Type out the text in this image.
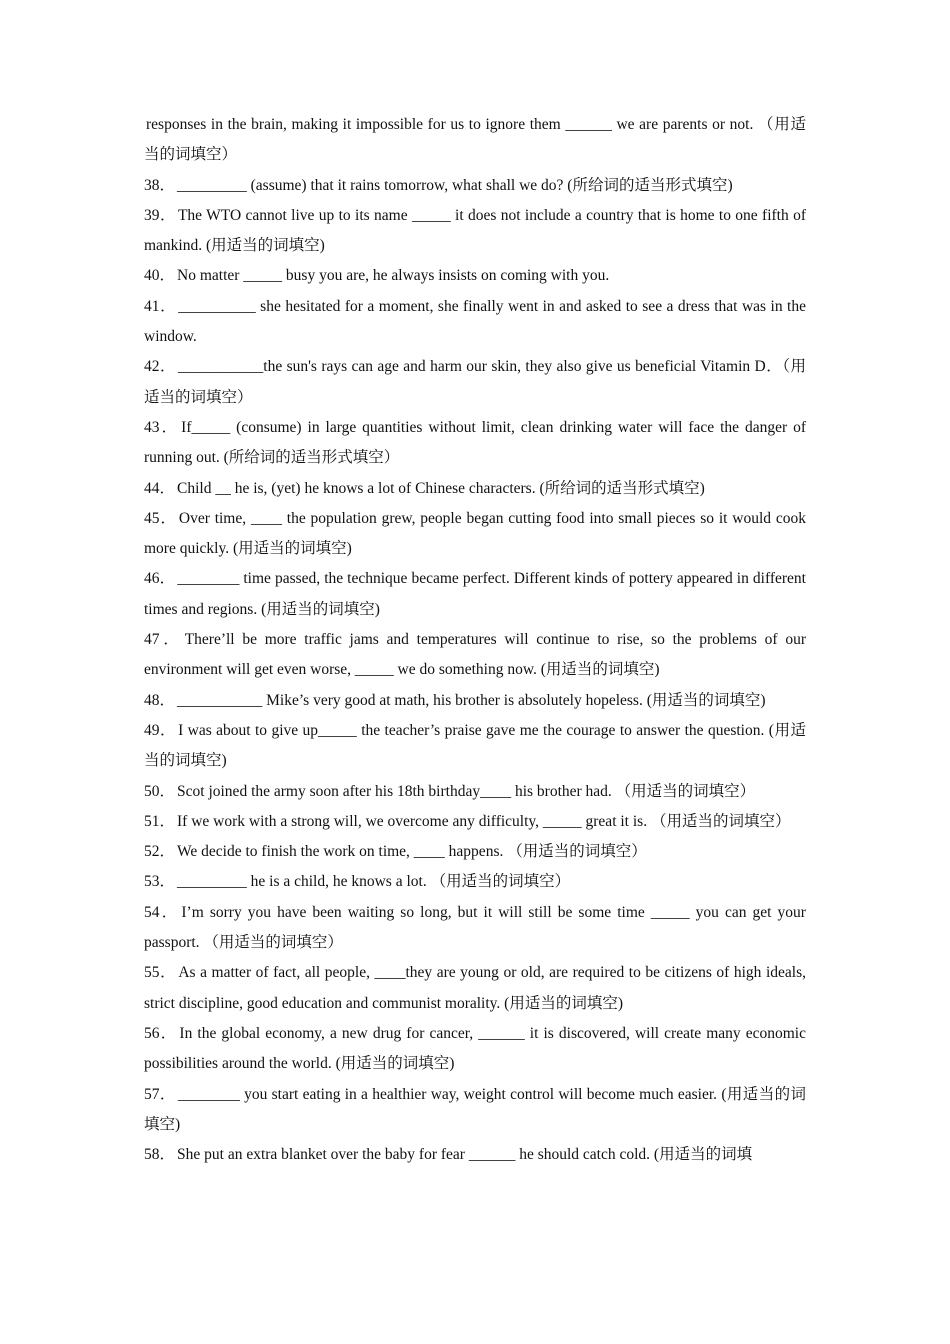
responses in the brain, making it impossible for us to ignore them ______ we are parents or not. （用适当的词填空）

38． _________ (assume) that it rains tomorrow, what shall we do? (所给词的适当形式填空)

39． The WTO cannot live up to its name _____ it does not include a country that is home to one fifth of mankind. (用适当的词填空)

40． No matter _____ busy you are, he always insists on coming with you.

41． __________ she hesitated for a moment, she finally went in and asked to see a dress that was in the window.

42． ___________the sun's rays can age and harm our skin, they also give us beneficial Vitamin D．（用适当的词填空）

43． If_____ (consume) in large quantities without limit, clean drinking water will face the danger of running out. (所给词的适当形式填空）

44． Child __ he is, (yet) he knows a lot of Chinese characters. (所给词的适当形式填空)

45． Over time, ____ the population grew, people began cutting food into small pieces so it would cook more quickly. (用适当的词填空)

46． ________ time passed, the technique became perfect. Different kinds of pottery appeared in different times and regions. (用适当的词填空)

47． There’ll be more traffic jams and temperatures will continue to rise, so the problems of our environment will get even worse, _____ we do something now. (用适当的词填空)

48． ___________ Mike’s very good at math, his brother is absolutely hopeless. (用适当的词填空)

49． I was about to give up_____ the teacher’s praise gave me the courage to answer the question. (用适当的词填空)

50． Scot joined the army soon after his 18th birthday____ his brother had. （用适当的词填空）

51． If we work with a strong will, we overcome any difficulty, _____ great it is. （用适当的词填空）

52． We decide to finish the work on time, ____ happens. （用适当的词填空）

53． _________ he is a child, he knows a lot. （用适当的词填空）

54． I’m sorry you have been waiting so long, but it will still be some time _____ you can get your passport. （用适当的词填空）

55． As a matter of fact, all people, ____they are young or old, are required to be citizens of high ideals, strict discipline, good education and communist morality. (用适当的词填空)

56． In the global economy, a new drug for cancer, ______ it is discovered, will create many economic possibilities around the world. (用适当的词填空)

57． ________ you start eating in a healthier way, weight control will become much easier. (用适当的词填空)

58． She put an extra blanket over the baby for fear ______ he should catch cold. (用适当的词填
